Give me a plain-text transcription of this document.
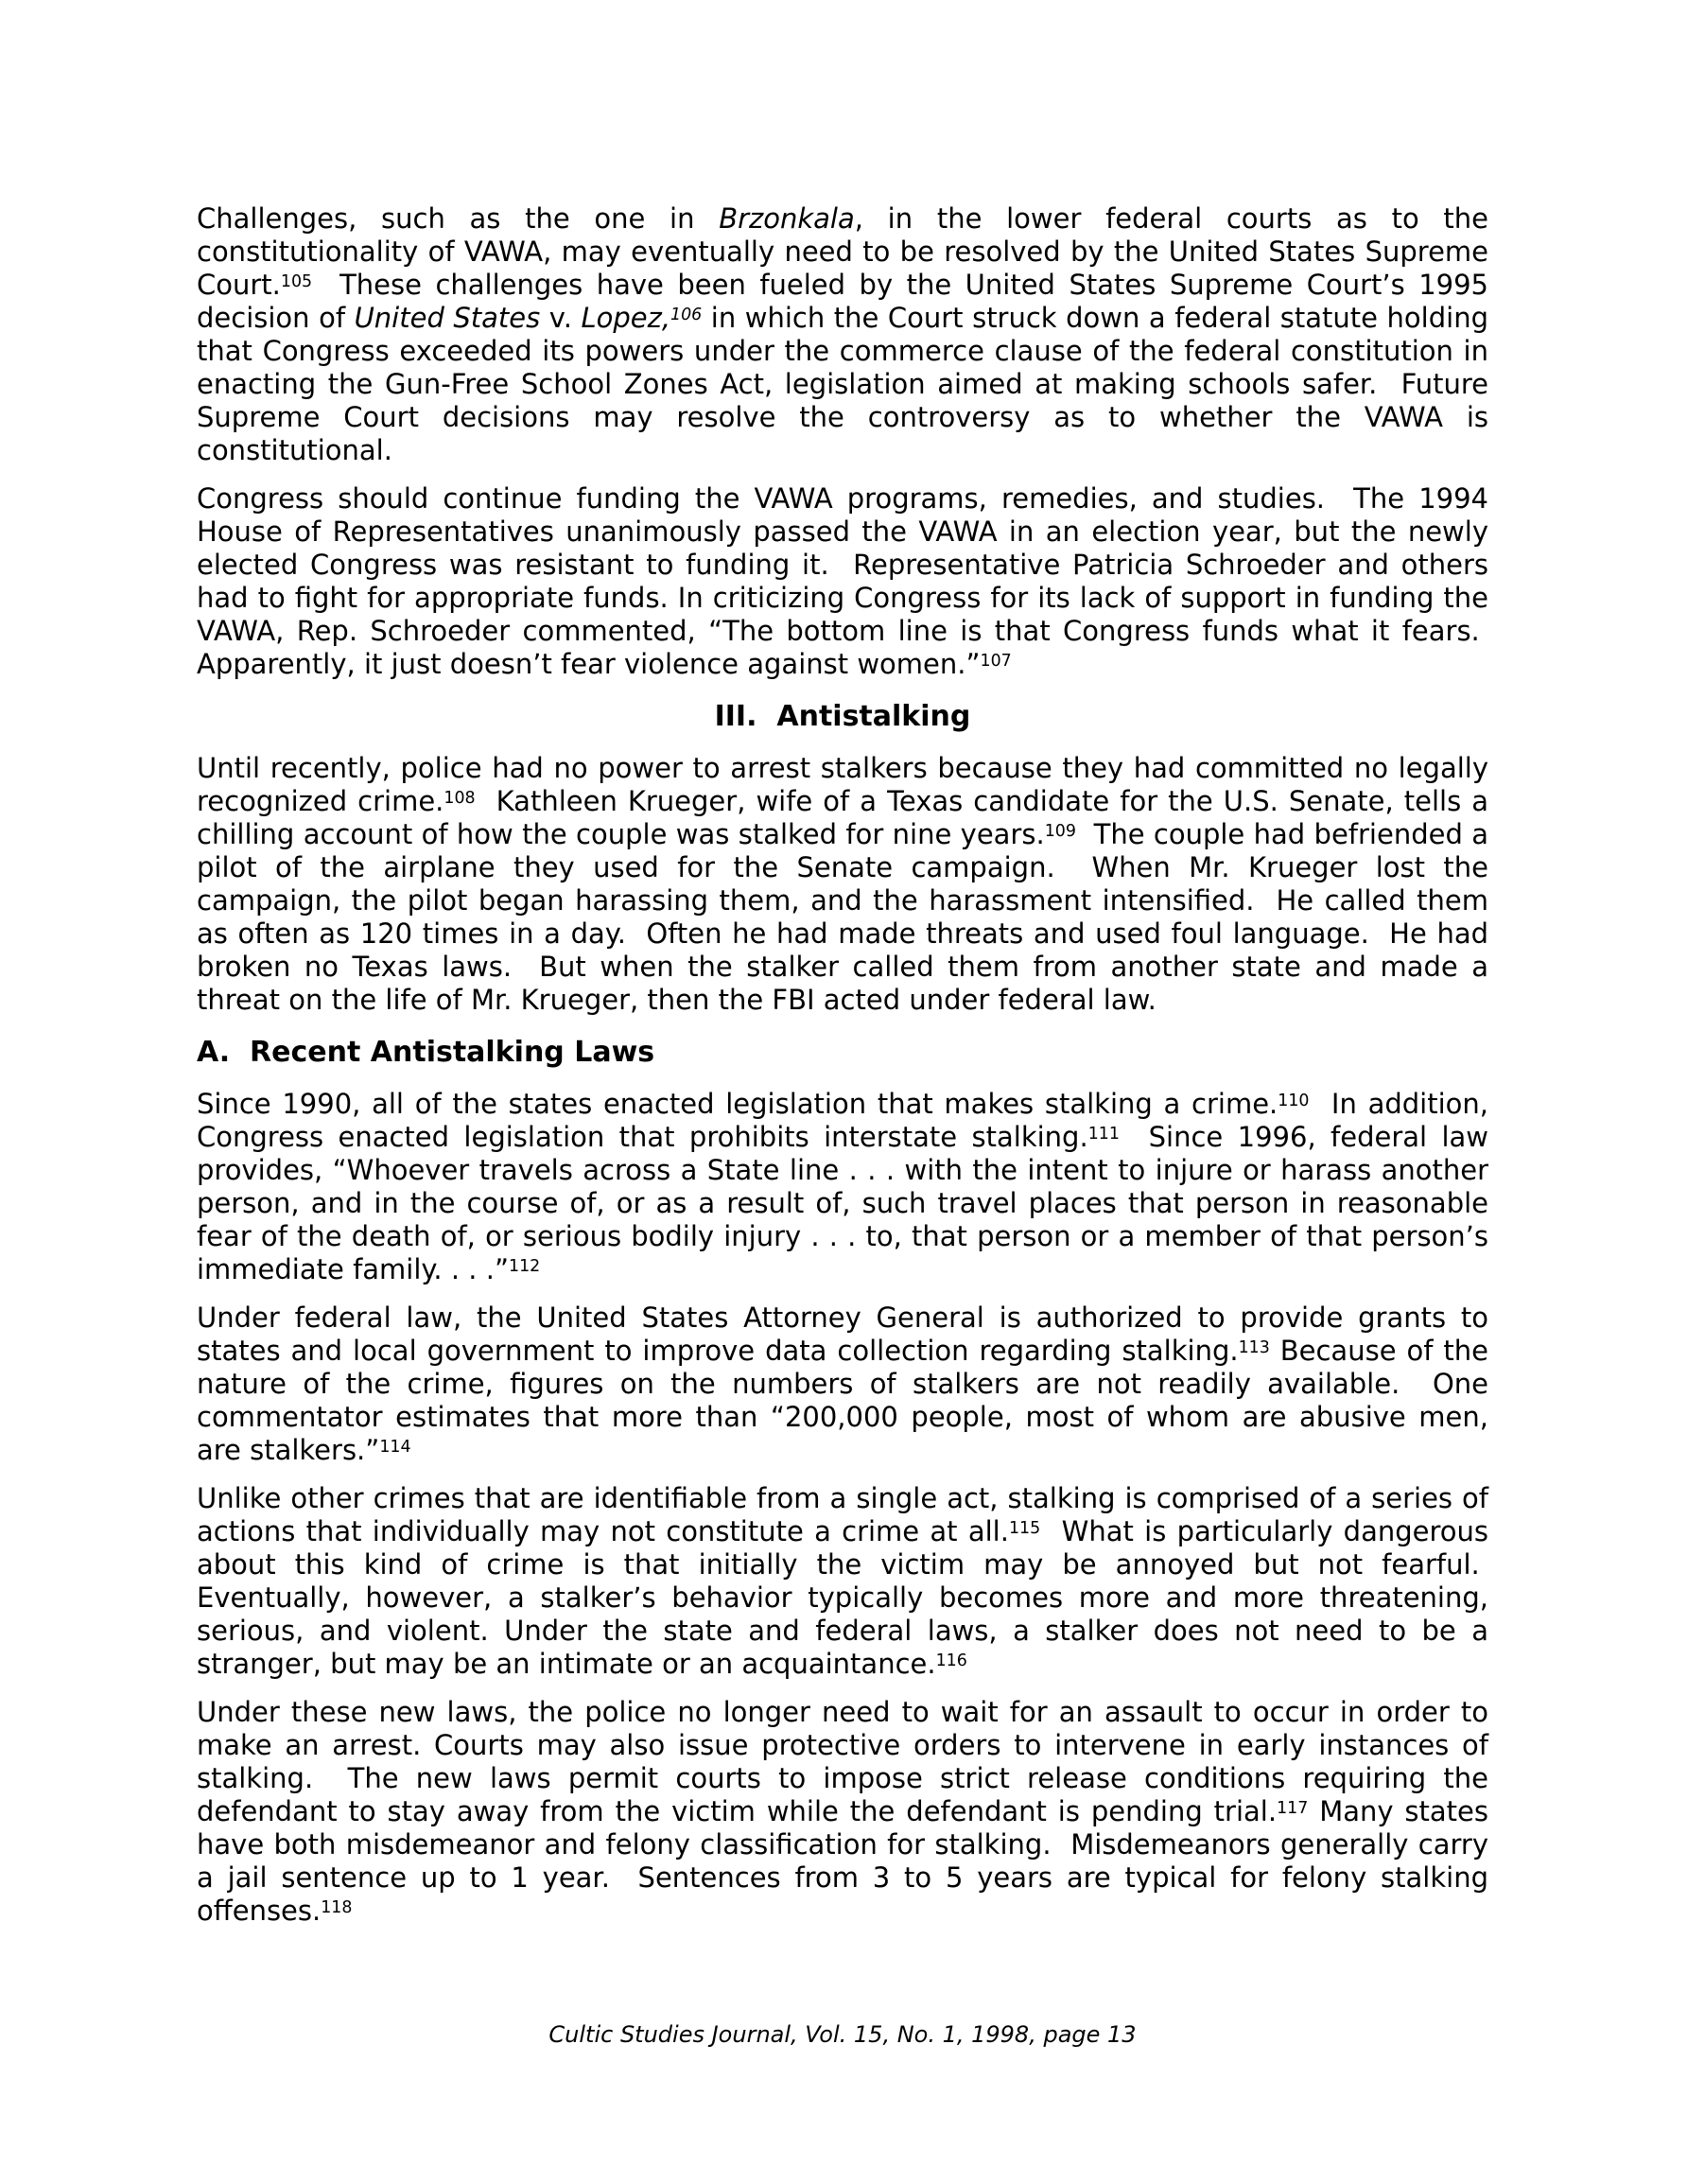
Challenges, such as the one in Brzonkala, in the lower federal courts as to the constitutionality of VAWA, may eventually need to be resolved by the United States Supreme Court.$^{105}$  These challenges have been fueled by the United States Supreme Court’s 1995 decision of United States v. Lopez,$^{106}$ in which the Court struck down a federal statute holding that Congress exceeded its powers under the commerce clause of the federal constitution in enacting the Gun-Free School Zones Act, legislation aimed at making schools safer.  Future Supreme Court decisions may resolve the controversy as to whether the VAWA is constitutional.

Congress should continue funding the VAWA programs, remedies, and studies.  The 1994 House of Representatives unanimously passed the VAWA in an election year, but the newly elected Congress was resistant to funding it.  Representative Patricia Schroeder and others had to fight for appropriate funds. In criticizing Congress for its lack of support in funding the VAWA, Rep. Schroeder commented, “The bottom line is that Congress funds what it fears.  Apparently, it just doesn’t fear violence against women.”$^{107}$

III.  Antistalking

Until recently, police had no power to arrest stalkers because they had committed no legally recognized crime.$^{108}$  Kathleen Krueger, wife of a Texas candidate for the U.S. Senate, tells a chilling account of how the couple was stalked for nine years.$^{109}$  The couple had befriended a pilot of the airplane they used for the Senate campaign.  When Mr. Krueger lost the campaign, the pilot began harassing them, and the harassment intensified.  He called them as often as 120 times in a day.  Often he had made threats and used foul language.  He had broken no Texas laws.  But when the stalker called them from another state and made a threat on the life of Mr. Krueger, then the FBI acted under federal law.

A.  Recent Antistalking Laws

Since 1990, all of the states enacted legislation that makes stalking a crime.$^{110}$  In addition, Congress enacted legislation that prohibits interstate stalking.$^{111}$  Since 1996, federal law provides, “Whoever travels across a State line . . . with the intent to injure or harass another person, and in the course of, or as a result of, such travel places that person in reasonable fear of the death of, or serious bodily injury . . . to, that person or a member of that person’s immediate family. . . .”$^{112}$

Under federal law, the United States Attorney General is authorized to provide grants to states and local government to improve data collection regarding stalking.$^{113}$ Because of the nature of the crime, figures on the numbers of stalkers are not readily available.  One commentator estimates that more than “200,000 people, most of whom are abusive men, are stalkers.”$^{114}$

Unlike other crimes that are identifiable from a single act, stalking is comprised of a series of actions that individually may not constitute a crime at all.$^{115}$  What is particularly dangerous about this kind of crime is that initially the victim may be annoyed but not fearful.  Eventually, however, a stalker’s behavior typically becomes more and more threatening, serious, and violent. Under the state and federal laws, a stalker does not need to be a stranger, but may be an intimate or an acquaintance.$^{116}$

Under these new laws, the police no longer need to wait for an assault to occur in order to make an arrest. Courts may also issue protective orders to intervene in early instances of stalking.  The new laws permit courts to impose strict release conditions requiring the defendant to stay away from the victim while the defendant is pending trial.$^{117}$ Many states have both misdemeanor and felony classification for stalking.  Misdemeanors generally carry a jail sentence up to 1 year.  Sentences from 3 to 5 years are typical for felony stalking offenses.$^{118}$

Cultic Studies Journal, Vol. 15, No. 1, 1998, page 13
